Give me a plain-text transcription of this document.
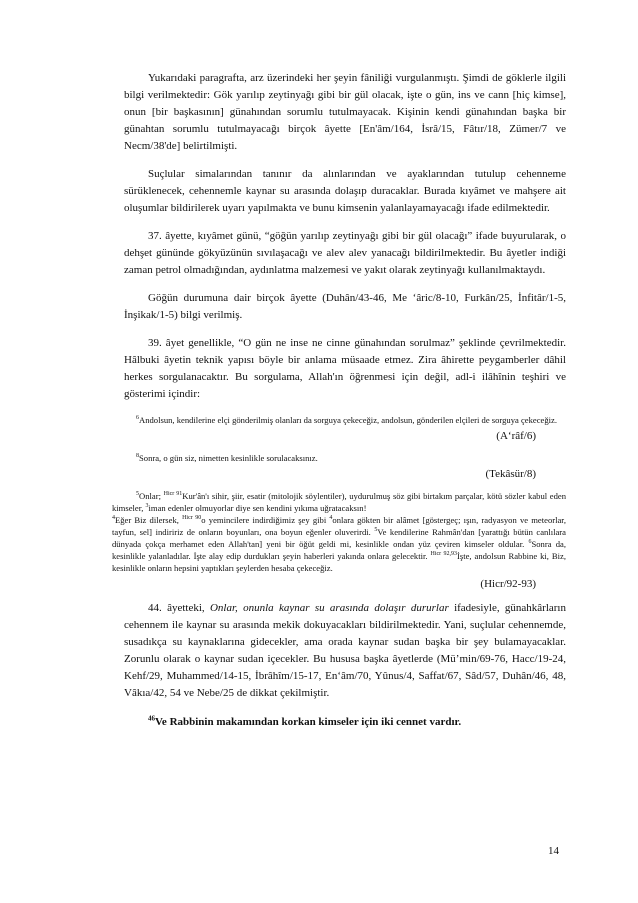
Yukarıdaki paragrafta, arz üzerindeki her şeyin fâniliği vurgulanmıştı. Şimdi de göklerle ilgili bilgi verilmektedir: Gök yarılıp zeytinyağı gibi bir gül olacak, işte o gün, ins ve cann [hiç kimse], onun [bir başkasının] günahından sorumlu tutulmayacak. Kişinin kendi günahından başka bir günahtan sorumlu tutulmayacağı birçok âyette [En'âm/164, İsrâ/15, Fâtır/18, Zümer/7 ve Necm/38'de] belirtilmişti.

Suçlular simalarından tanınır da alınlarından ve ayaklarından tutulup cehenneme sürüklenecek, cehennemle kaynar su arasında dolaşıp duracaklar. Burada kıyâmet ve mahşere ait oluşumlar bildirilerek uyarı yapılmakta ve bunu kimsenin yalanlayamayacağı ifade edilmektedir.

37. âyette, kıyâmet günü, “göğün yarılıp zeytinyağı gibi bir gül olacağı” ifade buyurularak, o dehşet gününde gökyüzünün sıvılaşacağı ve alev alev yanacağı bildirilmektedir. Bu âyetler indiği zaman petrol olmadığından, aydınlatma malzemesi ve yakıt olarak zeytinyağı kullanılmaktaydı.

Göğün durumuna dair birçok âyette (Duhân/43-46, Me ‘âric/8-10, Furkân/25, İnfitâr/1-5, İnşikak/1-5) bilgi verilmiş.

39. âyet genellikle, “O gün ne inse ne cinne günahından sorulmaz” şeklinde çevrilmektedir. Hâlbuki âyetin teknik yapısı böyle bir anlama müsaade etmez. Zira âhirette peygamberler dâhil herkes sorgulanacaktır. Bu sorgulama, Allah'ın öğrenmesi için değil, adl-i ilâhînin teşhiri ve gösterimi içindir:

$^6$Andolsun, kendilerine elçi gönderilmiş olanları da sorguya çekeceğiz, andolsun, gönderilen elçileri de sorguya çekeceğiz.

(A‘râf/6)

$^8$Sonra, o gün siz, nimetten kesinlikle sorulacaksınız.

(Tekâsür/8)

$^5$Onlar; $^{Hicr 91}$Kur'ân'ı sihir, şiir, esatir (mitolojik söylentiler), uydurulmuş söz gibi birtakım parçalar, kötü sözler kabul eden kimseler, $^3$iman edenler olmuyorlar diye sen kendini yıkıma uğratacaksın!

$^4$Eğer Biz dilersek, $^{Hicr 90}$o yemincilere indirdiğimiz şey gibi $^4$onlara gökten bir alâmet [göstergeç; ışın, radyasyon ve meteorlar, tayfun, sel] indiririz de onların boyunları, ona boyun eğenler oluverirdi. $^5$Ve kendilerine Rahmân'dan [yarattığı bütün canlılara dünyada çokça merhamet eden Allah'tan] yeni bir öğüt geldi mi, kesinlikle ondan yüz çeviren kimseler oldular. $^6$Sonra da, kesinlikle yalanladılar. İşte alay edip durdukları şeyin haberleri yakında onlara gelecektir. $^{Hicr 92,93}$İşte, andolsun Rabbine ki, Biz, kesinlikle onların hepsini yaptıkları şeylerden hesaba çekeceğiz.

(Hicr/92-93)

44. âyetteki, Onlar, onunla kaynar su arasında dolaşır dururlar ifadesiyle, günahkârların cehennem ile kaynar su arasında mekik dokuyacakları bildirilmektedir. Yani, suçlular cehennemde, susadıkça su kaynaklarına gidecekler, ama orada kaynar sudan başka bir şey bulamayacaklar. Zorunlu olarak o kaynar sudan içecekler. Bu hususa başka âyetlerde (Mü’min/69-76, Hacc/19-24, Kehf/29, Muhammed/14-15, İbrâhîm/15-17, En‘âm/70, Yûnus/4, Saffat/67, Sâd/57, Duhân/46, 48, Vâkıa/42, 54 ve Nebe/25 de dikkat çekilmiştir.

$^{46}$Ve Rabbinin makamından korkan kimseler için iki cennet vardır.

14
